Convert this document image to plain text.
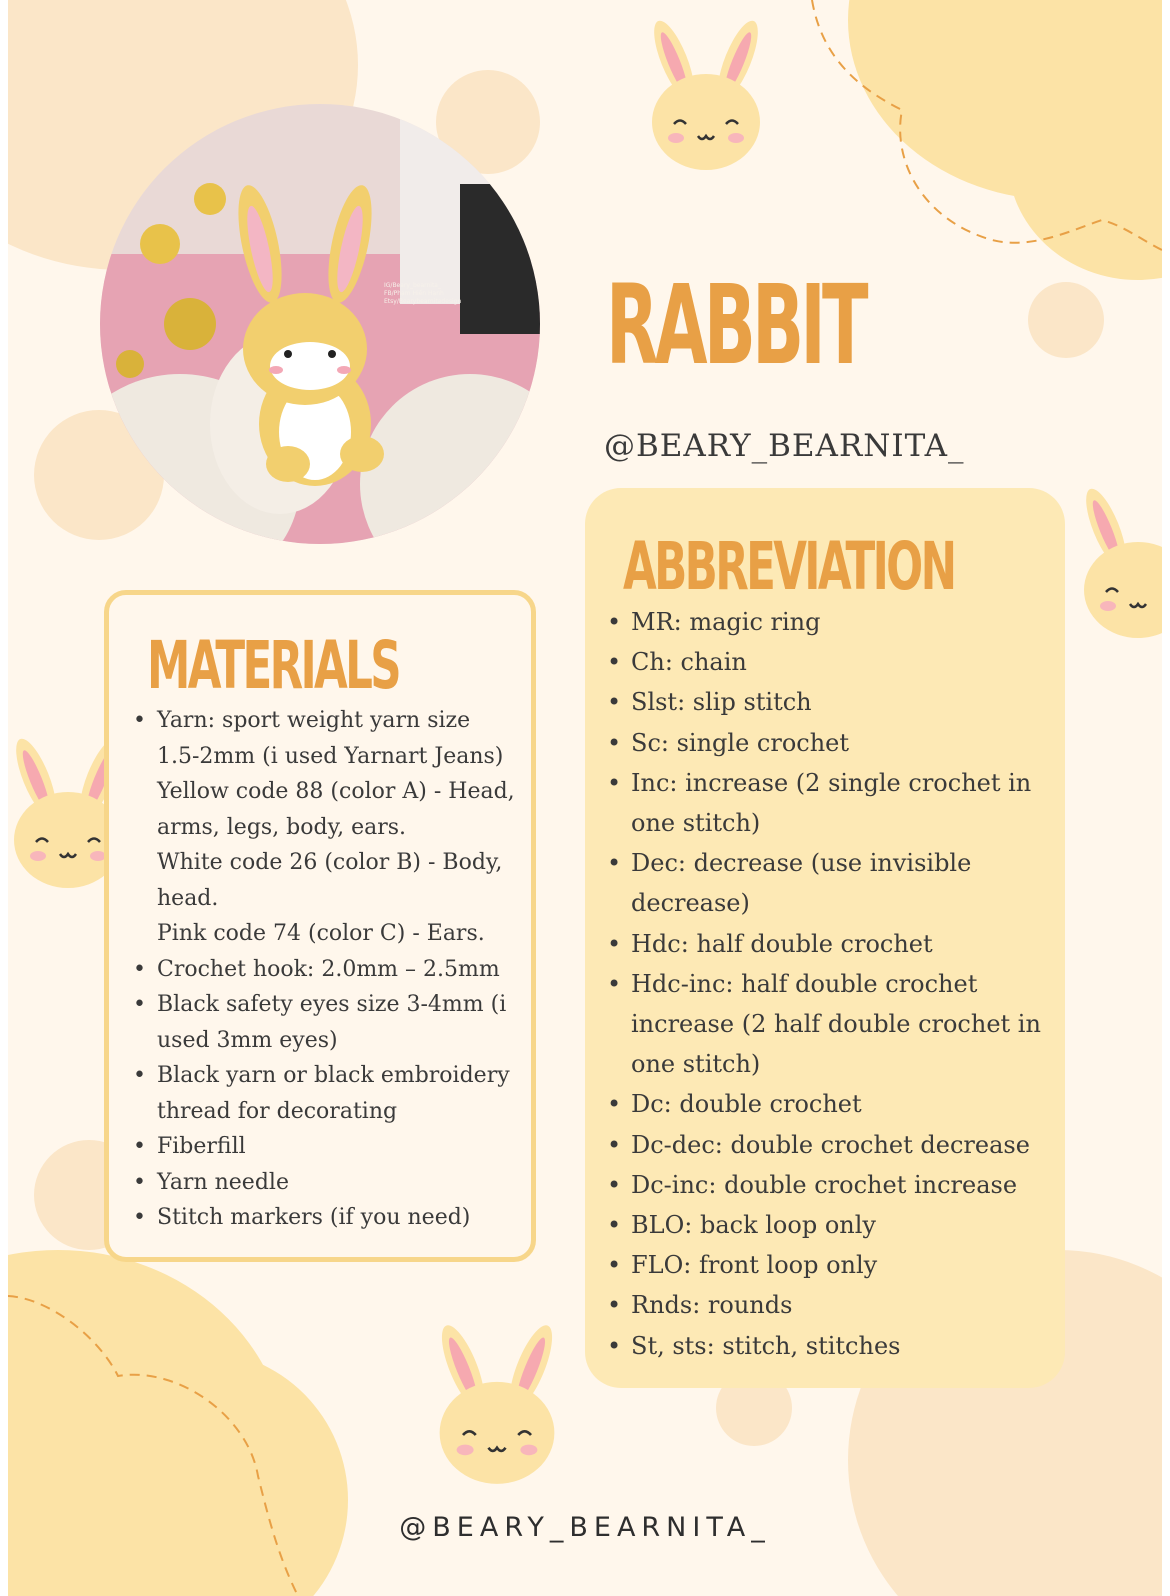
IG/Beary_bearnita_
FB/Phạm Hiền Hạnh
Etsy/Bearybearnitadesign RABBIT
@BEARY_BEARNITA_
MATERIALS
• Yarn: sport weight yarn size 1.5-2mm (i used Yarnart Jeans)
Yellow code 88 (color A) - Head, arms, legs, body, ears.
White code 26 (color B) - Body, head.
Pink code 74 (color C) - Ears.
• Crochet hook: 2.0mm – 2.5mm
• Black safety eyes size 3-4mm (i used 3mm eyes)
• Black yarn or black embroidery thread for decorating
• Fiberfill
• Yarn needle
• Stitch markers (if you need)
ABBREVIATION
• MR: magic ring
• Ch: chain
• Slst: slip stitch
• Sc: single crochet
• Inc: increase (2 single crochet in one stitch)
• Dec: decrease (use invisible decrease)
• Hdc: half double crochet
• Hdc-inc: half double crochet increase (2 half double crochet in one stitch)
• Dc: double crochet
• Dc-dec: double crochet decrease
• Dc-inc: double crochet increase
• BLO: back loop only
• FLO: front loop only
• Rnds: rounds
• St, sts: stitch, stitches
@BEARY_BEARNITA_
